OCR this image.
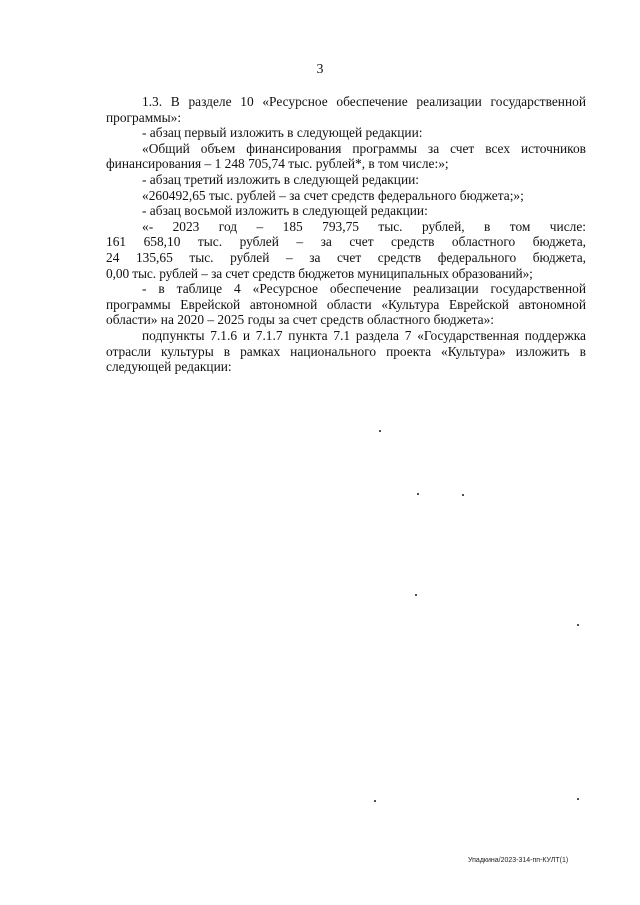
3

1.3. В разделе 10 «Ресурсное обеспечение реализации государственной программы»:

- абзац первый изложить в следующей редакции:

«Общий объем финансирования программы за счет всех источников финансирования – 1 248 705,74 тыс. рублей*, в том числе:»;

- абзац третий изложить в следующей редакции:

«260492,65 тыс. рублей – за счет средств федерального бюджета;»;

- абзац восьмой изложить в следующей редакции:

«- 2023 год – 185 793,75 тыс. рублей, в том числе:

161 658,10 тыс. рублей – за счет средств областного бюджета,

24 135,65 тыс. рублей – за счет средств федерального бюджета,

0,00 тыс. рублей – за счет средств бюджетов муниципальных образований»;

- в таблице 4 «Ресурсное обеспечение реализации государственной программы Еврейской автономной области «Культура Еврейской автономной области» на 2020 – 2025 годы за счет средств областного бюджета»:

подпункты 7.1.6 и 7.1.7 пункта 7.1 раздела 7 «Государственная поддержка отрасли культуры в рамках национального проекта «Культура» изложить в следующей редакции:

Упадкина/2023-314-пп-КУЛТ(1)
